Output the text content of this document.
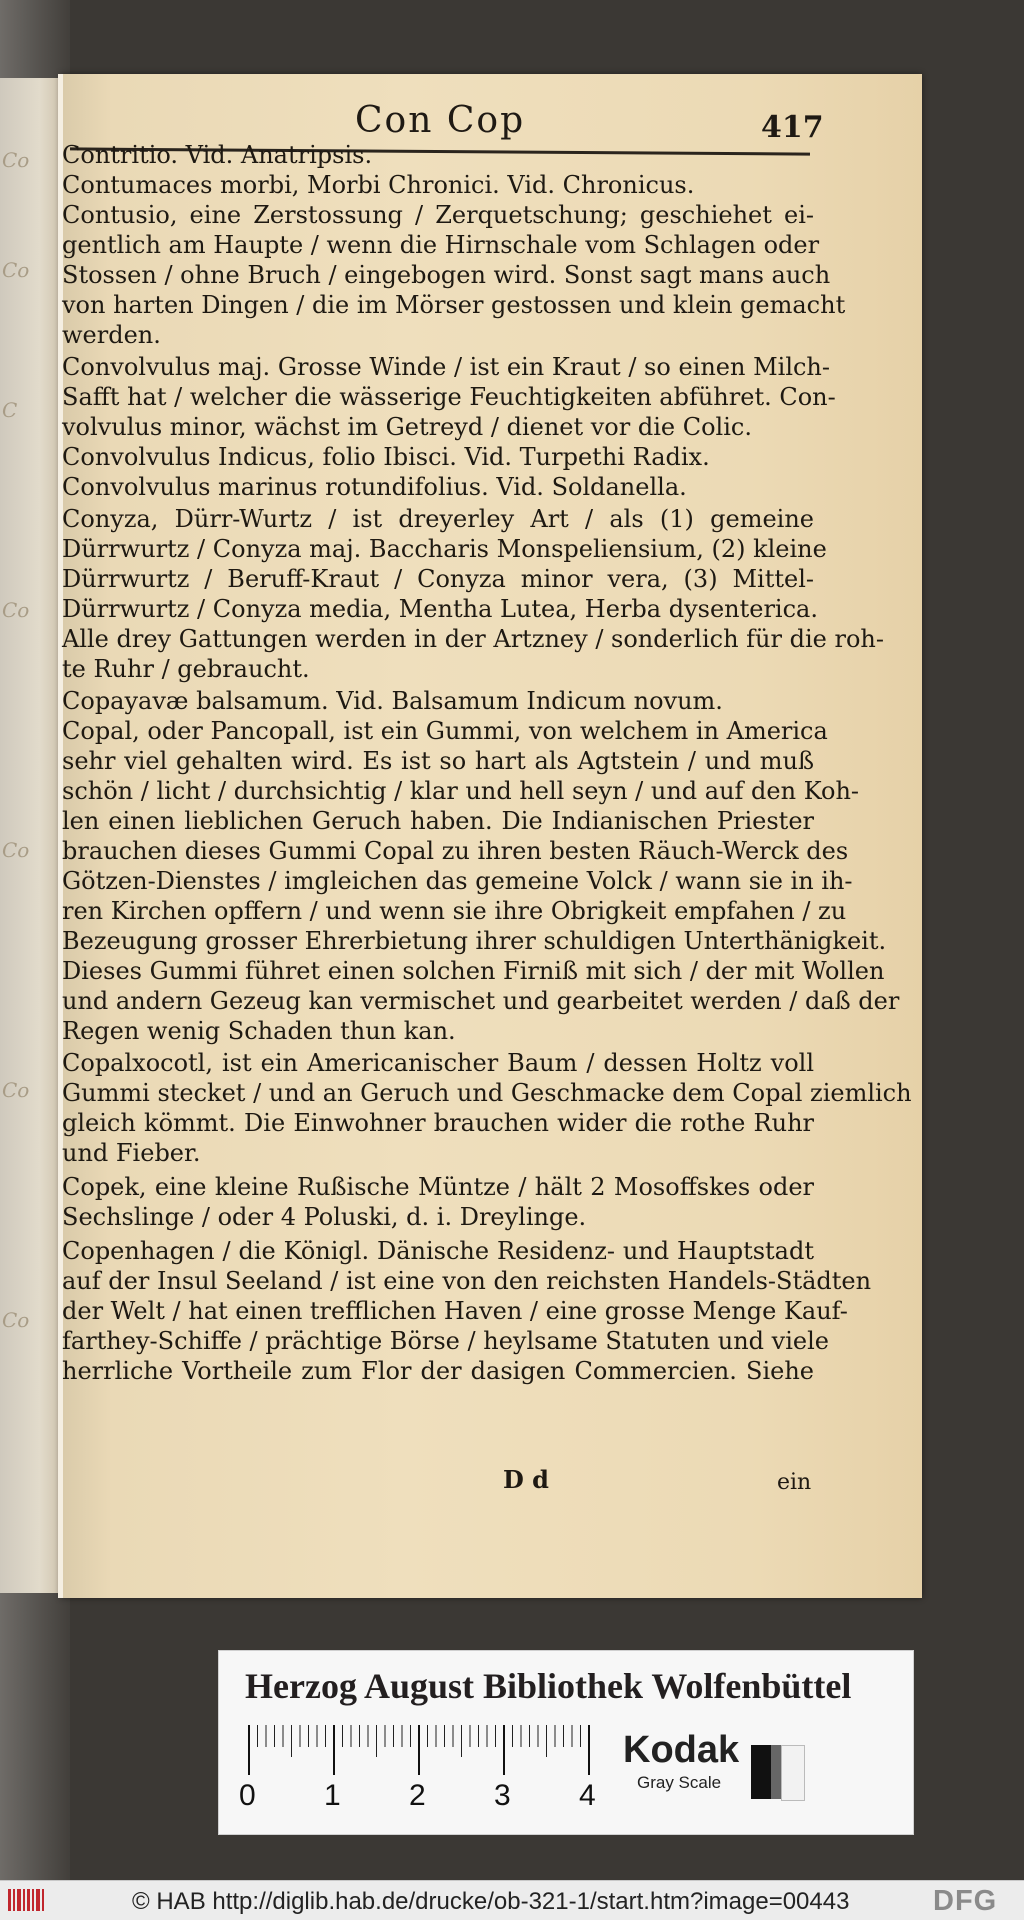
Co
Co
C
Co
Co
Co
Co
Con Cop	417
Contritio. Vid. Anatripsis.
Contumaces morbi, Morbi Chronici. Vid. Chronicus.
Contusio, eine Zerstossung / Zerquetschung; geschiehet ei-
gentlich am Haupte / wenn die Hirnschale vom Schlagen oder
Stossen / ohne Bruch / eingebogen wird. Sonst sagt mans auch
von harten Dingen / die im Mörser gestossen und klein gemacht
werden.
Convolvulus maj. Grosse Winde / ist ein Kraut / so einen Milch-
Safft hat / welcher die wässerige Feuchtigkeiten abführet. Con-
volvulus minor, wächst im Getreyd / dienet vor die Colic.
Convolvulus Indicus, folio Ibisci. Vid. Turpethi Radix.
Convolvulus marinus rotundifolius. Vid. Soldanella.
Conyza, Dürr-Wurtz / ist dreyerley Art / als (1) gemeine
Dürrwurtz / Conyza maj. Baccharis Monspeliensium, (2) kleine
Dürrwurtz / Beruff-Kraut / Conyza minor vera, (3) Mittel-
Dürrwurtz / Conyza media, Mentha Lutea, Herba dysenterica.
Alle drey Gattungen werden in der Artzney / sonderlich für die roh-
te Ruhr / gebraucht.
Copayavæ balsamum. Vid. Balsamum Indicum novum.
Copal, oder Pancopall, ist ein Gummi, von welchem in America
sehr viel gehalten wird. Es ist so hart als Agtstein / und muß
schön / licht / durchsichtig / klar und hell seyn / und auf den Koh-
len einen lieblichen Geruch haben. Die Indianischen Priester
brauchen dieses Gummi Copal zu ihren besten Räuch-Werck des
Götzen-Dienstes / imgleichen das gemeine Volck / wann sie in ih-
ren Kirchen opffern / und wenn sie ihre Obrigkeit empfahen / zu
Bezeugung grosser Ehrerbietung ihrer schuldigen Unterthänigkeit.
Dieses Gummi führet einen solchen Firniß mit sich / der mit Wollen
und andern Gezeug kan vermischet und gearbeitet werden / daß der
Regen wenig Schaden thun kan.
Copalxocotl, ist ein Americanischer Baum / dessen Holtz voll
Gummi stecket / und an Geruch und Geschmacke dem Copal ziemlich
gleich kömmt. Die Einwohner brauchen wider die rothe Ruhr
und Fieber.
Copek, eine kleine Rußische Müntze / hält 2 Mosoffskes oder
Sechslinge / oder 4 Poluski, d. i. Dreylinge.
Copenhagen / die Königl. Dänische Residenz- und Hauptstadt
auf der Insul Seeland / ist eine von den reichsten Handels-Städten
der Welt / hat einen trefflichen Haven / eine grosse Menge Kauf-
farthey-Schiffe / prächtige Börse / heylsame Statuten und viele
herrliche Vortheile zum Flor der dasigen Commercien. Siehe
D d	ein
Herzog August Bibliothek Wolfenbüttel
0 1 2 3 4
Kodak
Gray Scale
© HAB http://diglib.hab.de/drucke/ob-321-1/start.htm?image=00443	DFG
